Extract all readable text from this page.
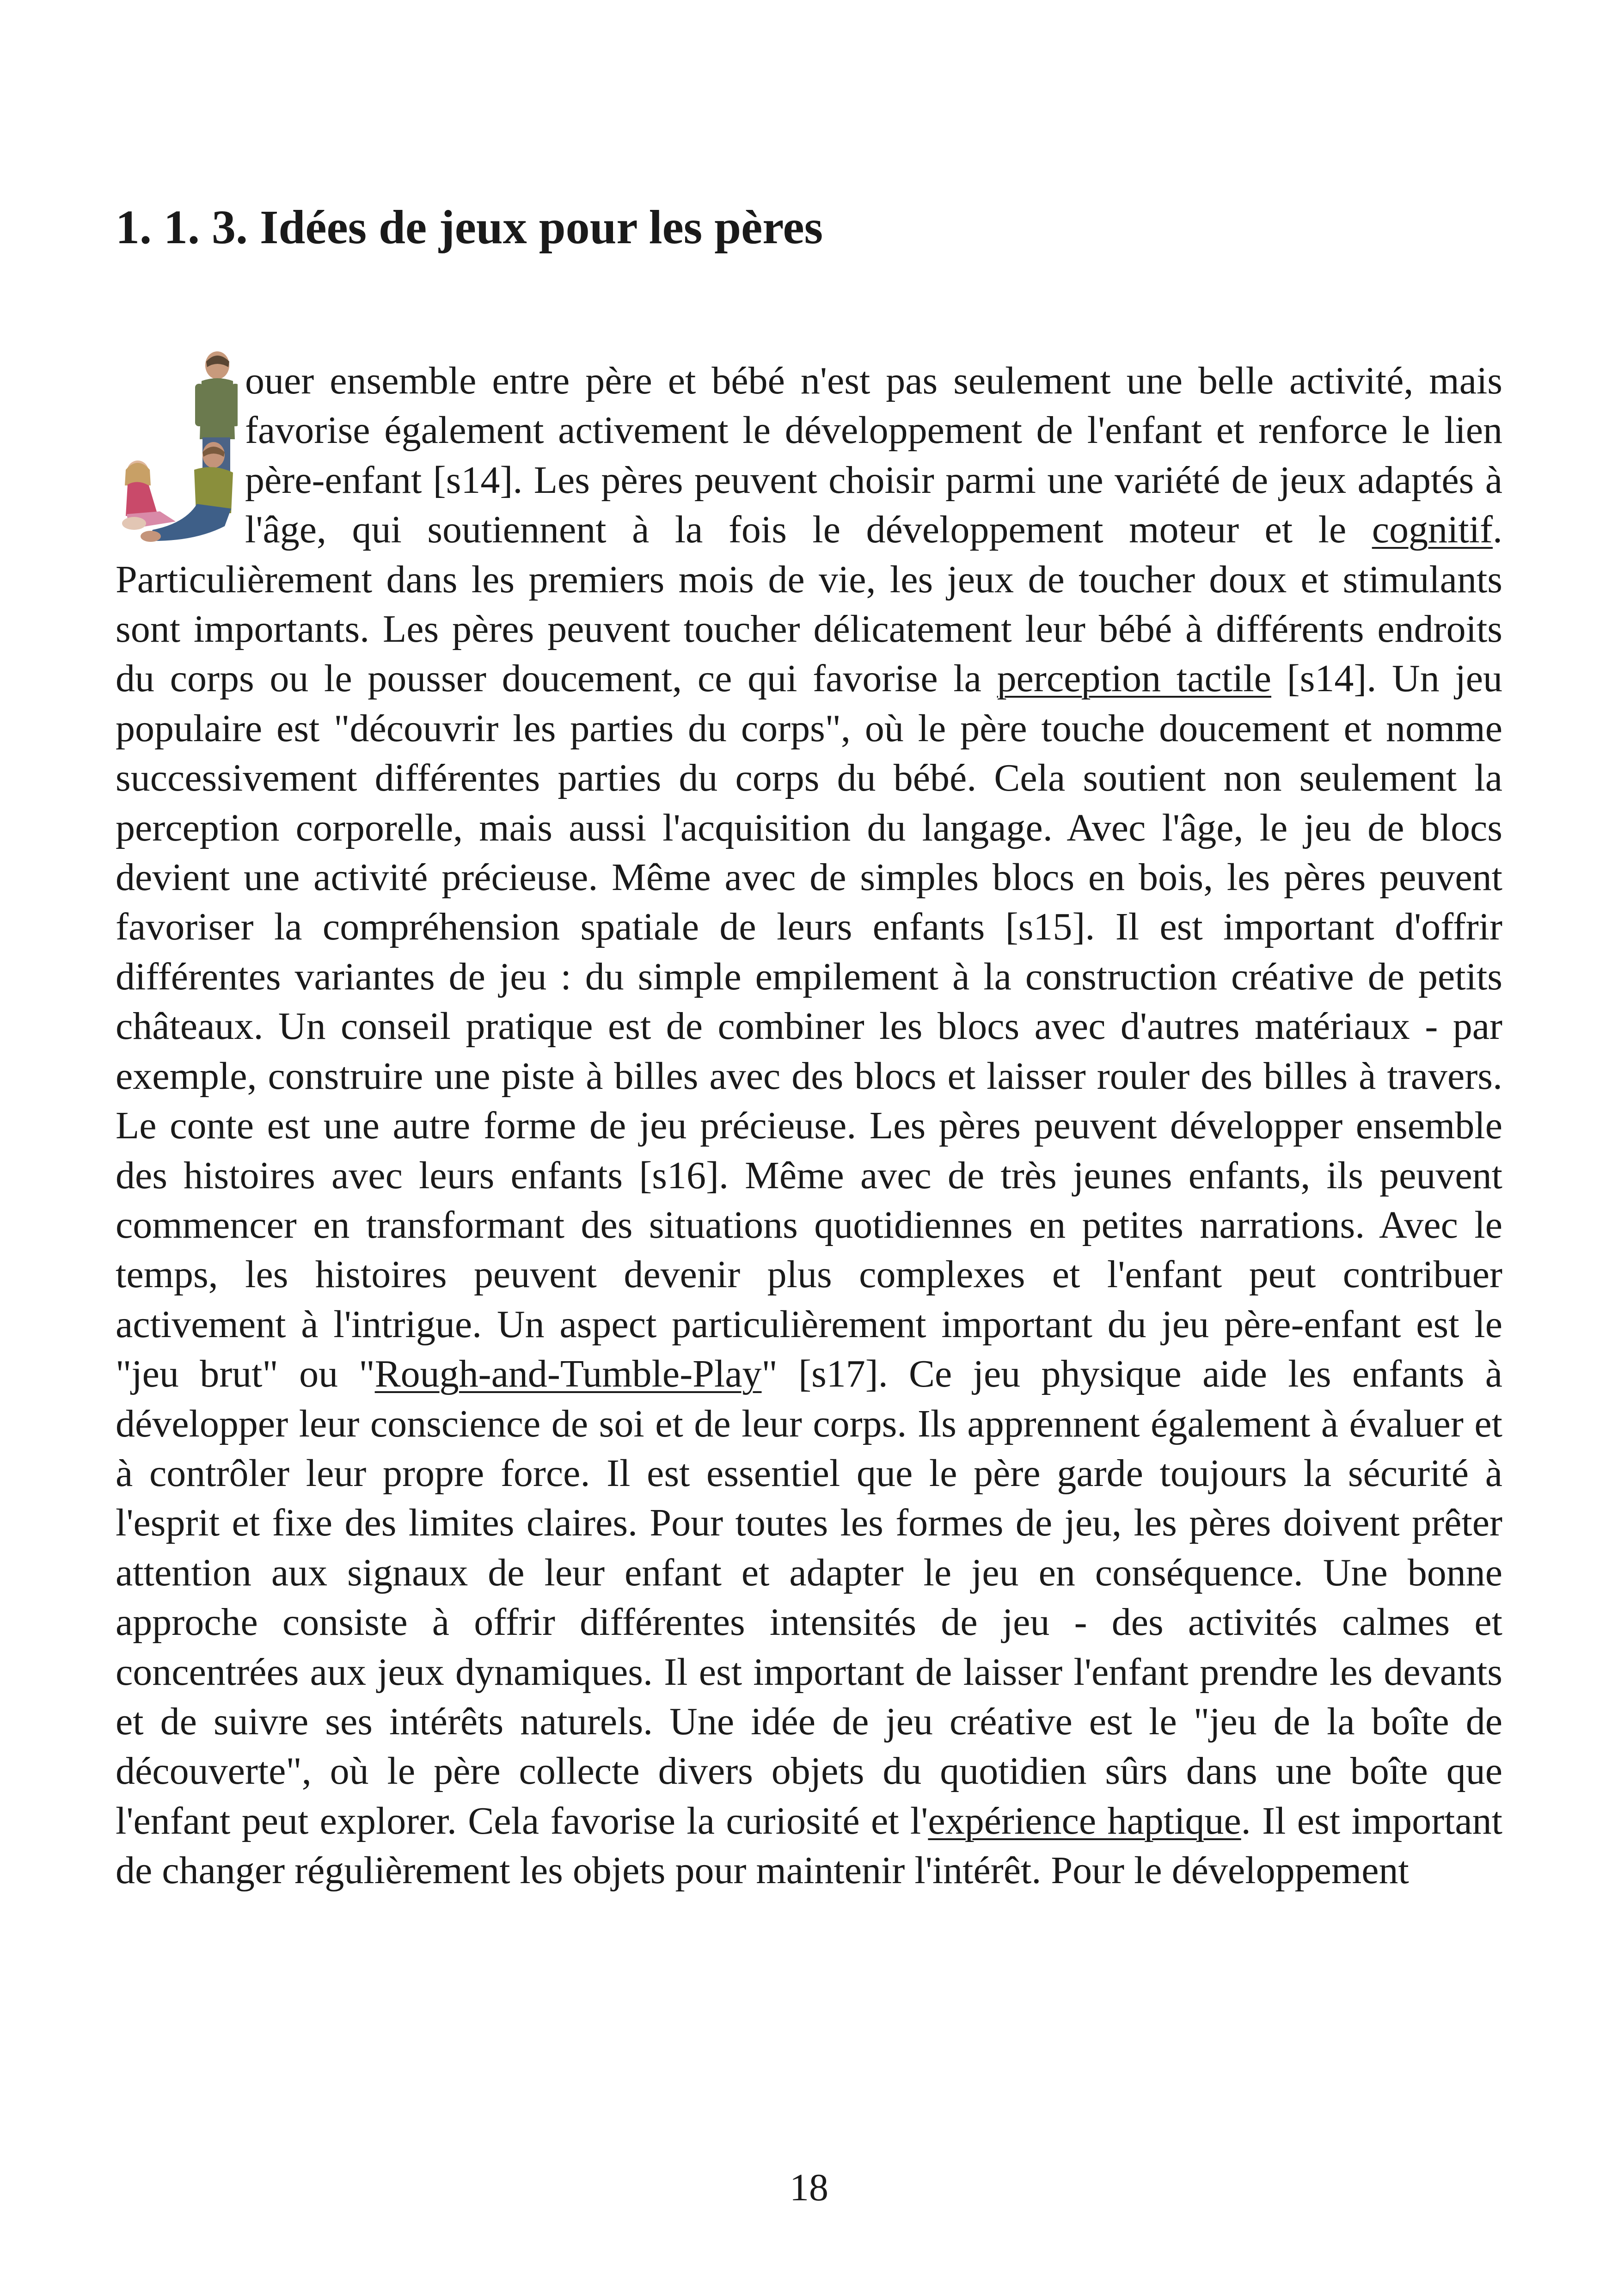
1. 1. 3. Idées de jeux pour les pères

ouer ensemble entre père et bébé n'est pas seulement une belle activité, mais favorise également activement le développement de l'enfant et renforce le lien père-enfant [s14]. Les pères peuvent choisir parmi une variété de jeux adaptés à l'âge, qui soutiennent à la fois le développement moteur et le cognitif. Particulièrement dans les premiers mois de vie, les jeux de toucher doux et stimulants sont importants. Les pères peuvent toucher délicatement leur bébé à différents endroits du corps ou le pousser doucement, ce qui favorise la perception tactile [s14]. Un jeu populaire est "découvrir les parties du corps", où le père touche doucement et nomme successivement différentes parties du corps du bébé. Cela soutient non seulement la perception corporelle, mais aussi l'acquisition du langage. Avec l'âge, le jeu de blocs devient une activité précieuse. Même avec de simples blocs en bois, les pères peuvent favoriser la compréhension spatiale de leurs enfants [s15]. Il est important d'offrir différentes variantes de jeu : du simple empilement à la construction créative de petits châteaux. Un conseil pratique est de combiner les blocs avec d'autres matériaux - par exemple, construire une piste à billes avec des blocs et laisser rouler des billes à travers. Le conte est une autre forme de jeu précieuse. Les pères peuvent développer ensemble des histoires avec leurs enfants [s16]. Même avec de très jeunes enfants, ils peuvent commencer en transformant des situations quotidiennes en petites narrations. Avec le temps, les histoires peuvent devenir plus complexes et l'enfant peut contribuer activement à l'intrigue. Un aspect particulièrement important du jeu père-enfant est le "jeu brut" ou "Rough-and-Tumble-Play" [s17]. Ce jeu physique aide les enfants à développer leur conscience de soi et de leur corps. Ils apprennent également à évaluer et à contrôler leur propre force. Il est essentiel que le père garde toujours la sécurité à l'esprit et fixe des limites claires. Pour toutes les formes de jeu, les pères doivent prêter attention aux signaux de leur enfant et adapter le jeu en conséquence. Une bonne approche consiste à offrir différentes intensités de jeu - des activités calmes et concentrées aux jeux dynamiques. Il est important de laisser l'enfant prendre les devants et de suivre ses intérêts naturels. Une idée de jeu créative est le "jeu de la boîte de découverte", où le père collecte divers objets du quotidien sûrs dans une boîte que l'enfant peut explorer. Cela favorise la curiosité et l'expérience haptique. Il est important de changer régulièrement les objets pour maintenir l'intérêt. Pour le développement

18
